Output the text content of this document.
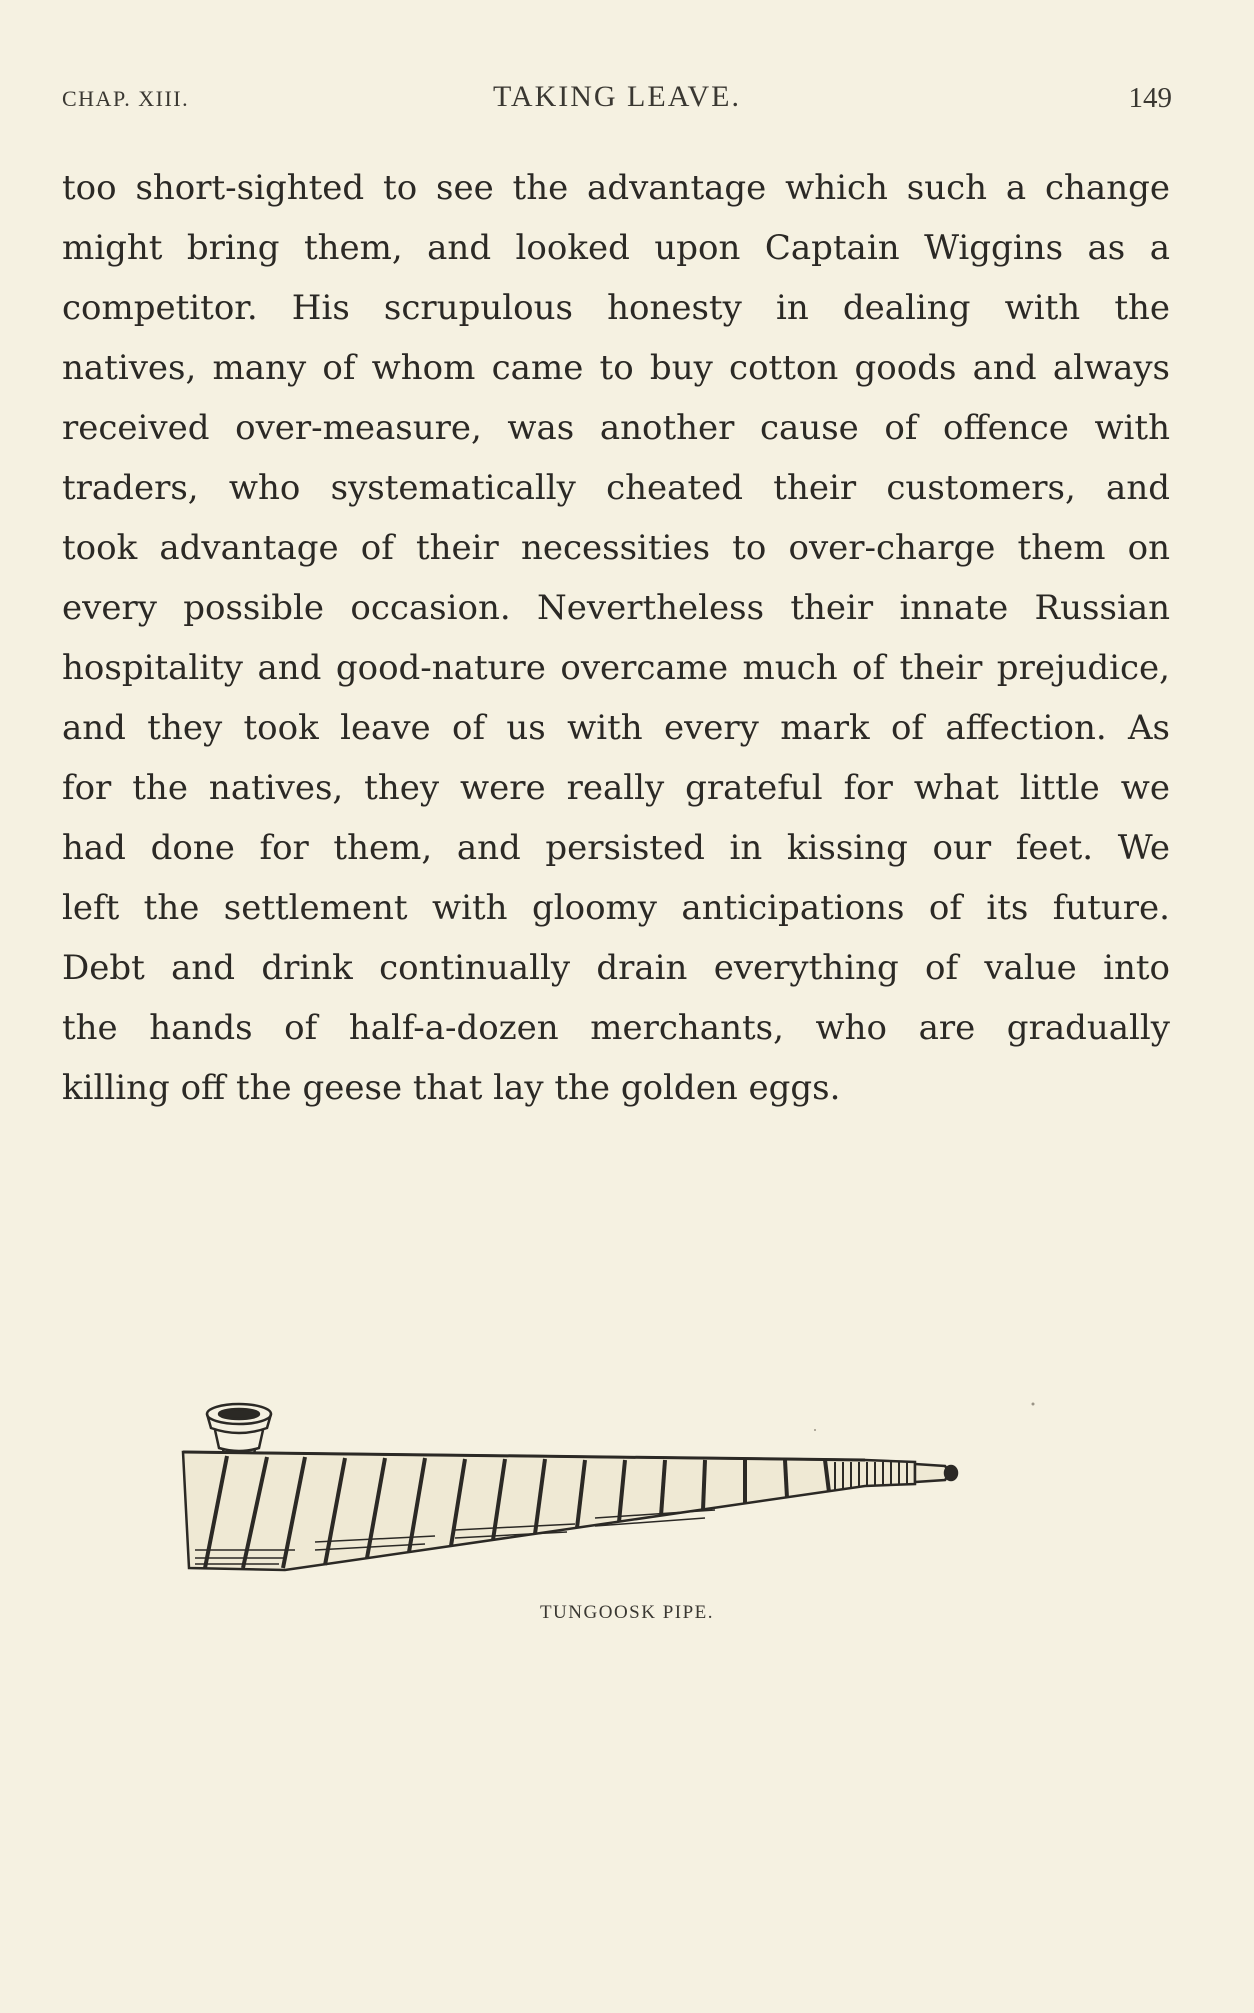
CHAP. XIII.	TAKING LEAVE.	149
too short-sighted to see the advantage which such a change
might bring them, and looked upon Captain Wiggins as a
competitor. His scrupulous honesty in dealing with the
natives, many of whom came to buy cotton goods and always
received over-measure, was another cause of offence with
traders, who systematically cheated their customers, and
took advantage of their necessities to over-charge them on
every possible occasion. Nevertheless their innate Russian
hospitality and good-nature overcame much of their prejudice,
and they took leave of us with every mark of affection. As
for the natives, they were really grateful for what little we
had done for them, and persisted in kissing our feet. We
left the settlement with gloomy anticipations of its future.
Debt and drink continually drain everything of value into
the hands of half-a-dozen merchants, who are gradually
killing off the geese that lay the golden eggs.
TUNGOOSK PIPE.
